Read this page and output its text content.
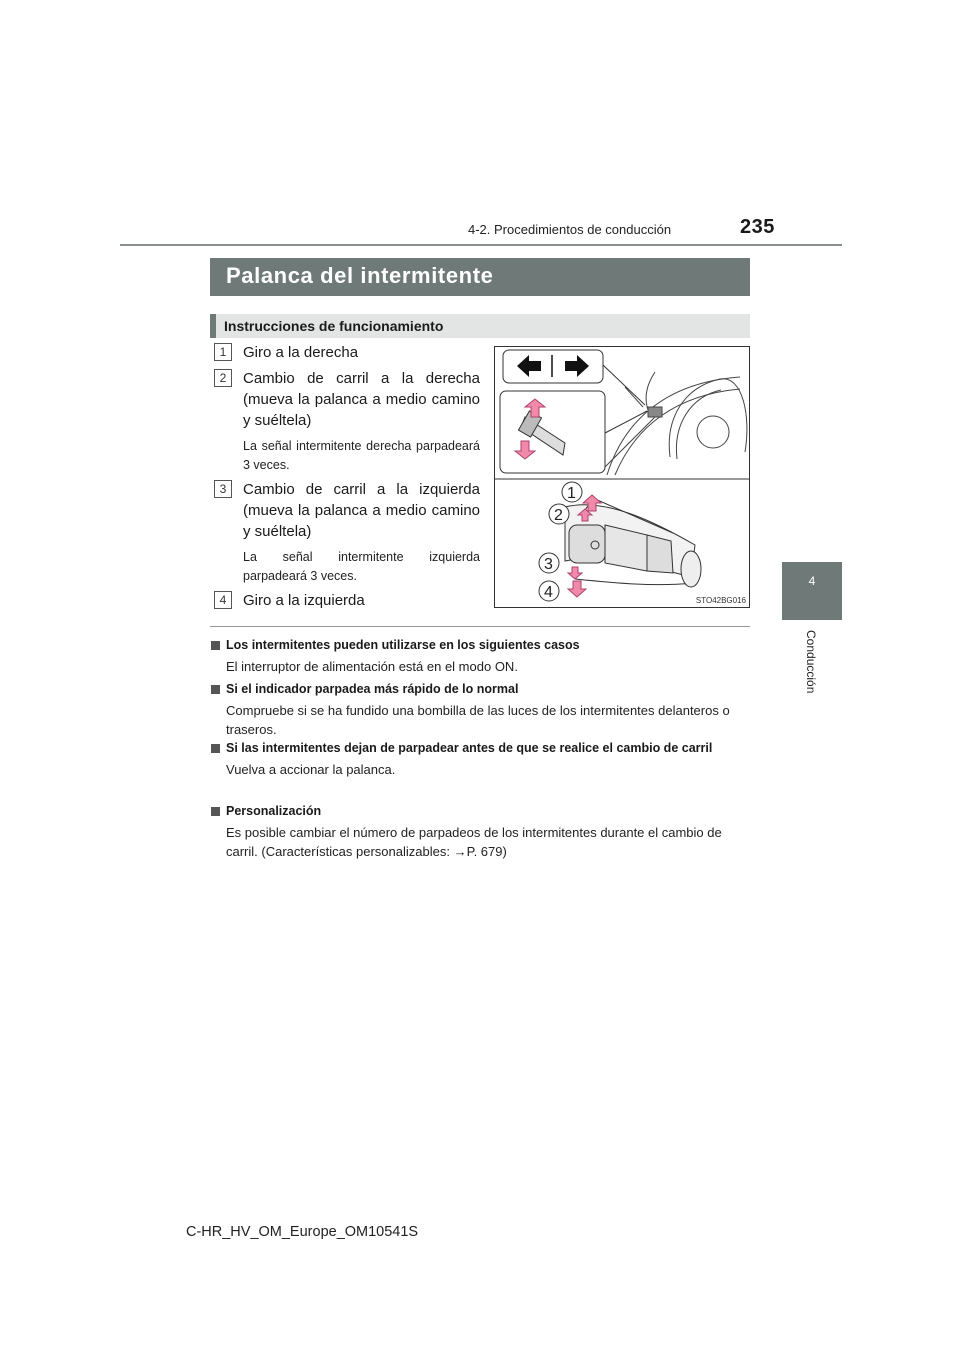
4-2. Procedimientos de conducción	235
4
Conducción
Palanca del intermitente
Instrucciones de funcionamiento
1	Giro a la derecha
2	Cambio de carril a la derecha (mueva la palanca a medio camino y suéltela)
La señal intermitente derecha parpadeará 3 veces.
3	Cambio de carril a la izquierda (mueva la palanca a medio camino y suéltela)
La señal intermitente izquierda parpadeará 3 veces.
4	Giro a la izquierda
1
2
3
4	STO42BG016
Los intermitentes pueden utilizarse en los siguientes casos
El interruptor de alimentación está en el modo ON.
Si el indicador parpadea más rápido de lo normal
Compruebe si se ha fundido una bombilla de las luces de los intermitentes delanteros o traseros.
Si las intermitentes dejan de parpadear antes de que se realice el cambio de carril
Vuelva a accionar la palanca.
Personalización
Es posible cambiar el número de parpadeos de los intermitentes durante el cambio de carril. (Características personalizables: →P. 679)
C-HR_HV_OM_Europe_OM10541S
